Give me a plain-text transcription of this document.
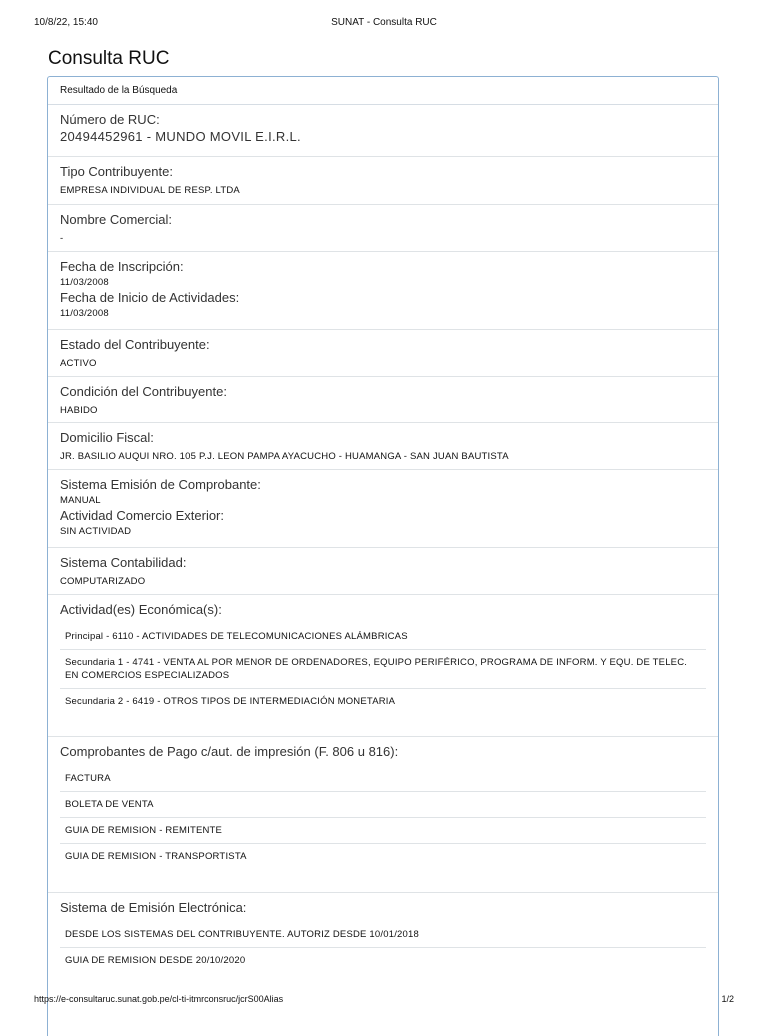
10/8/22, 15:40	SUNAT - Consulta RUC
Consulta RUC
Resultado de la Búsqueda
Número de RUC:
20494452961 - MUNDO MOVIL E.I.R.L.
Tipo Contribuyente:
EMPRESA INDIVIDUAL DE RESP. LTDA
Nombre Comercial:
-
Fecha de Inscripción:
11/03/2008
Fecha de Inicio de Actividades:
11/03/2008
Estado del Contribuyente:
ACTIVO
Condición del Contribuyente:
HABIDO
Domicilio Fiscal:
JR. BASILIO AUQUI NRO. 105 P.J. LEON PAMPA AYACUCHO - HUAMANGA - SAN JUAN BAUTISTA
Sistema Emisión de Comprobante:
MANUAL
Actividad Comercio Exterior:
SIN ACTIVIDAD
Sistema Contabilidad:
COMPUTARIZADO
Actividad(es) Económica(s):
Principal - 6110 - ACTIVIDADES DE TELECOMUNICACIONES ALÁMBRICAS
Secundaria 1 - 4741 - VENTA AL POR MENOR DE ORDENADORES, EQUIPO PERIFÉRICO, PROGRAMA DE INFORM. Y EQU. DE TELEC. EN COMERCIOS ESPECIALIZADOS
Secundaria 2 - 6419 - OTROS TIPOS DE INTERMEDIACIÓN MONETARIA
Comprobantes de Pago c/aut. de impresión (F. 806 u 816):
FACTURA
BOLETA DE VENTA
GUIA DE REMISION - REMITENTE
GUIA DE REMISION - TRANSPORTISTA
Sistema de Emisión Electrónica:
DESDE LOS SISTEMAS DEL CONTRIBUYENTE. AUTORIZ DESDE 10/01/2018
GUIA DE REMISION DESDE 20/10/2020
https://e-consultaruc.sunat.gob.pe/cl-ti-itmrconsruc/jcrS00Alias	1/2
